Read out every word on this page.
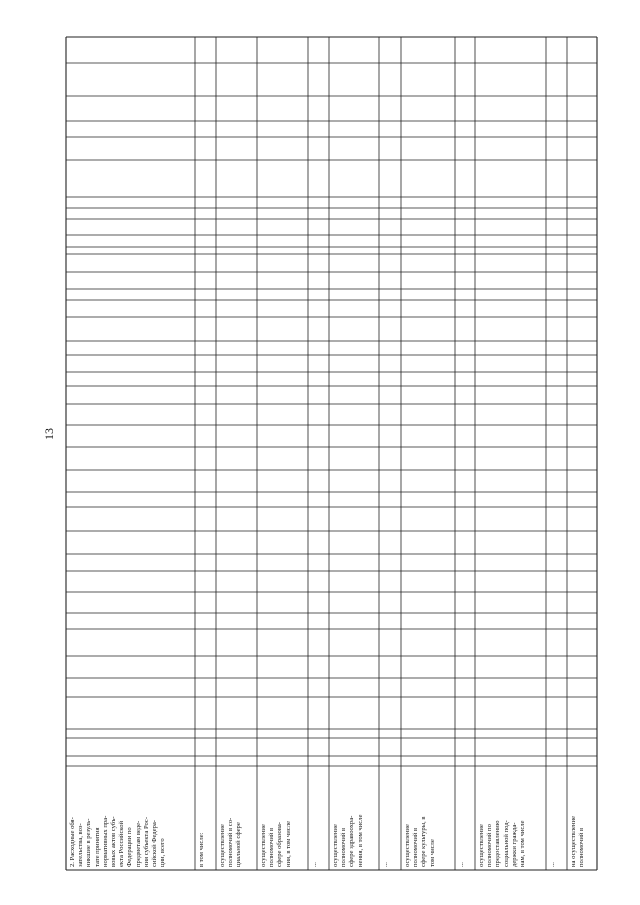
13
2. Расходные обя-
зательства, воз-
никшие в резуль-
тате принятия
нормативных пра-
вовых актов субъ-
екта Российской
Федерации по
предметам веде-
ния субъекта Рос-
сийской Федера-
ции, всего	в том числе: осуществление
полномочий в со-
циальной сфере	осуществление
полномочий в
сфере образова-
ния, в том числе
... осуществление
полномочий в
сфере здравоохра-
нения, в том числе
... осуществление
полномочий в
сфере культуры, в
том числе
... осуществление
полномочий по
предоставлению
социальной под-
держки гражда-
нам, в том числе
... на осуществление
полномочий в
